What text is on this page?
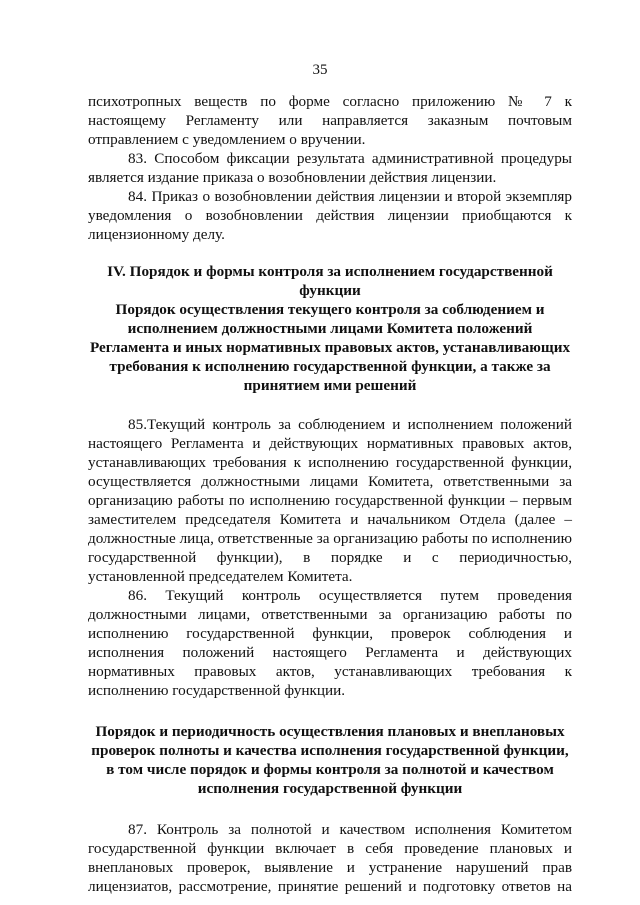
35

психотропных веществ по форме согласно приложению № 7 к настоящему Регламенту или направляется заказным почтовым отправлением с уведомлением о вручении.

83. Способом фиксации результата административной процедуры является издание приказа о возобновлении действия лицензии.

84. Приказ о возобновлении действия лицензии и второй экземпляр уведомления о возобновлении действия лицензии приобщаются к лицензионному делу.

IV. Порядок и формы контроля за исполнением государственной функции

Порядок осуществления текущего контроля за соблюдением и исполнением должностными лицами Комитета положений Регламента и иных нормативных правовых актов, устанавливающих требования к исполнению государственной функции, а также за принятием ими решений

85.Текущий контроль за соблюдением и исполнением положений настоящего Регламента и действующих нормативных правовых актов, устанавливающих требования к исполнению государственной функции, осуществляется должностными лицами Комитета, ответственными за организацию работы по исполнению государственной функции – первым заместителем председателя Комитета и начальником Отдела (далее – должностные лица, ответственные за организацию работы по исполнению государственной функции), в порядке и с периодичностью, установленной председателем Комитета.

86. Текущий контроль осуществляется путем проведения должностными лицами, ответственными за организацию работы по исполнению государственной функции, проверок соблюдения и исполнения положений настоящего Регламента и действующих нормативных правовых актов, устанавливающих требования к исполнению государственной функции.

Порядок и периодичность осуществления плановых и внеплановых проверок полноты и качества исполнения государственной функции, в том числе порядок и формы контроля за полнотой и качеством исполнения государственной функции

87. Контроль за полнотой и качеством исполнения Комитетом государственной функции включает в себя проведение плановых и внеплановых проверок, выявление и устранение нарушений прав лицензиатов, рассмотрение, принятие решений и подготовку ответов на
